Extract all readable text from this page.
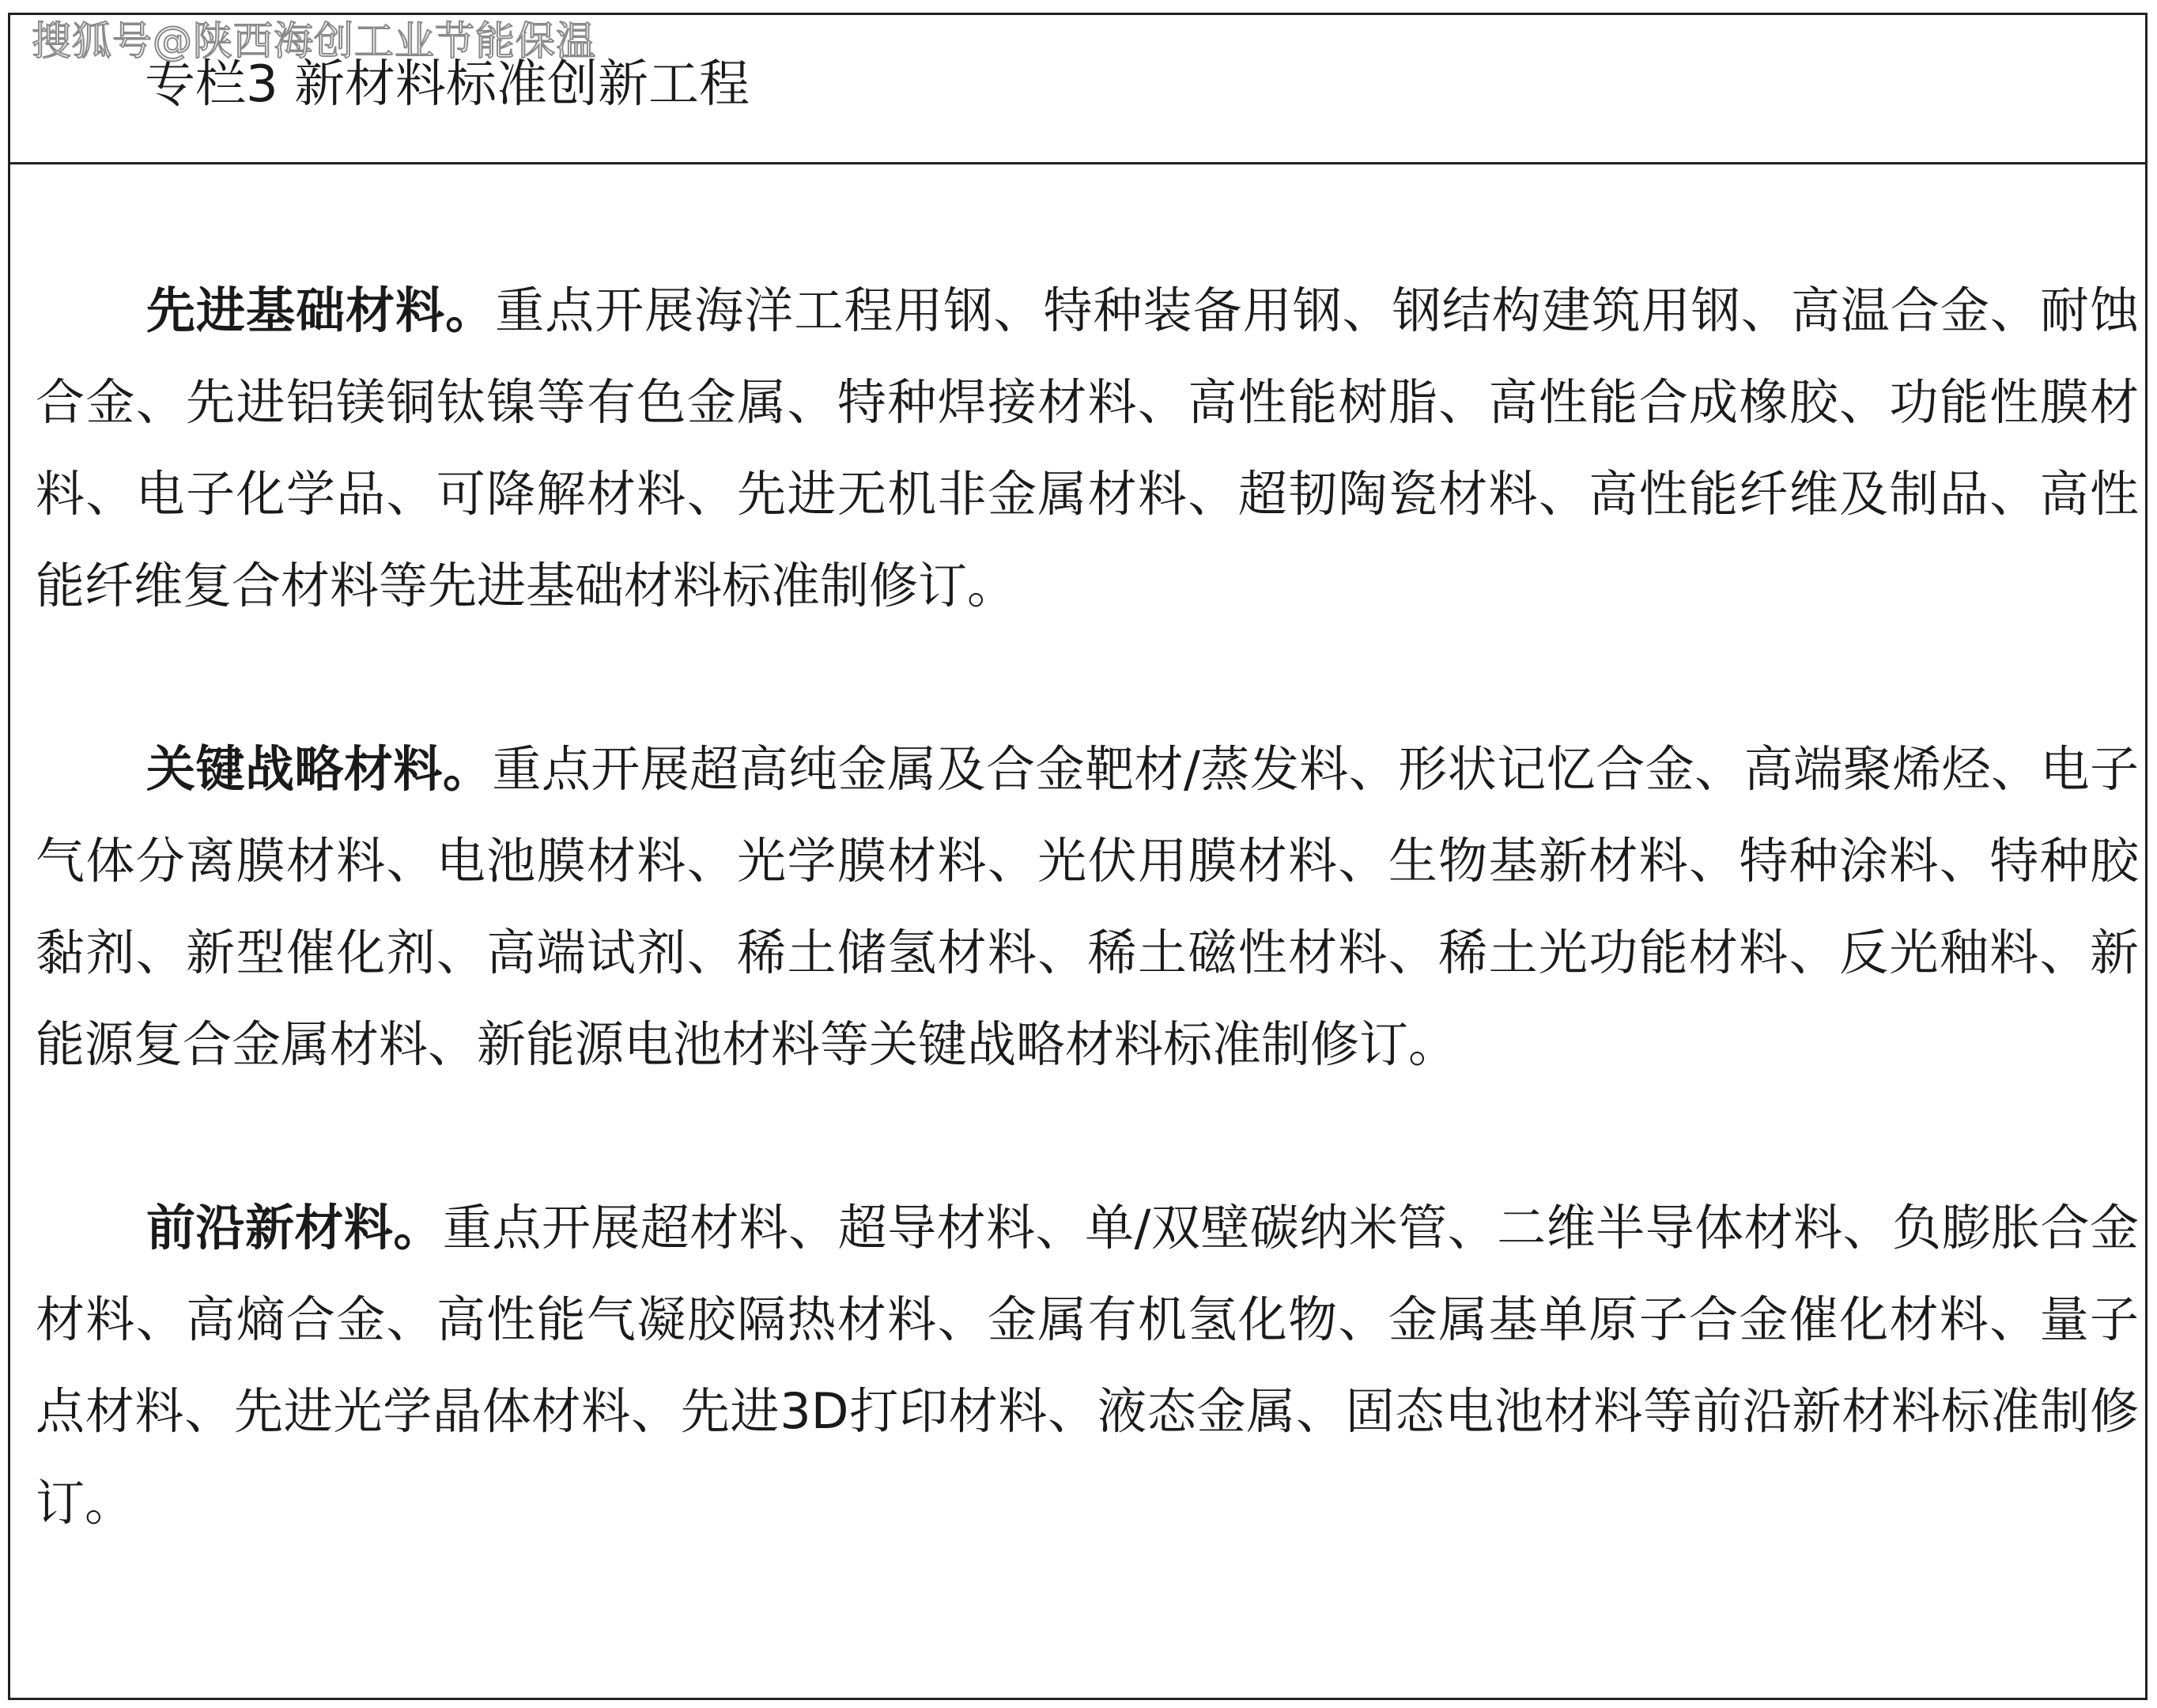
搜狐号@陕西海创工业节能保温
专栏3 新材料标准创新工程

先进基础材料。重点开展海洋工程用钢、特种装备用钢、钢结构建筑用钢、高温合金、耐蚀合金、先进铝镁铜钛镍等有色金属、特种焊接材料、高性能树脂、高性能合成橡胶、功能性膜材料、电子化学品、可降解材料、先进无机非金属材料、超韧陶瓷材料、高性能纤维及制品、高性能纤维复合材料等先进基础材料标准制修订。

关键战略材料。重点开展超高纯金属及合金靶材/蒸发料、形状记忆合金、高端聚烯烃、电子气体分离膜材料、电池膜材料、光学膜材料、光伏用膜材料、生物基新材料、特种涂料、特种胶黏剂、新型催化剂、高端试剂、稀土储氢材料、稀土磁性材料、稀土光功能材料、反光釉料、新能源复合金属材料、新能源电池材料等关键战略材料标准制修订。

前沿新材料。重点开展超材料、超导材料、单/双壁碳纳米管、二维半导体材料、负膨胀合金材料、高熵合金、高性能气凝胶隔热材料、金属有机氢化物、金属基单原子合金催化材料、量子点材料、先进光学晶体材料、先进3D打印材料、液态金属、固态电池材料等前沿新材料标准制修订。
